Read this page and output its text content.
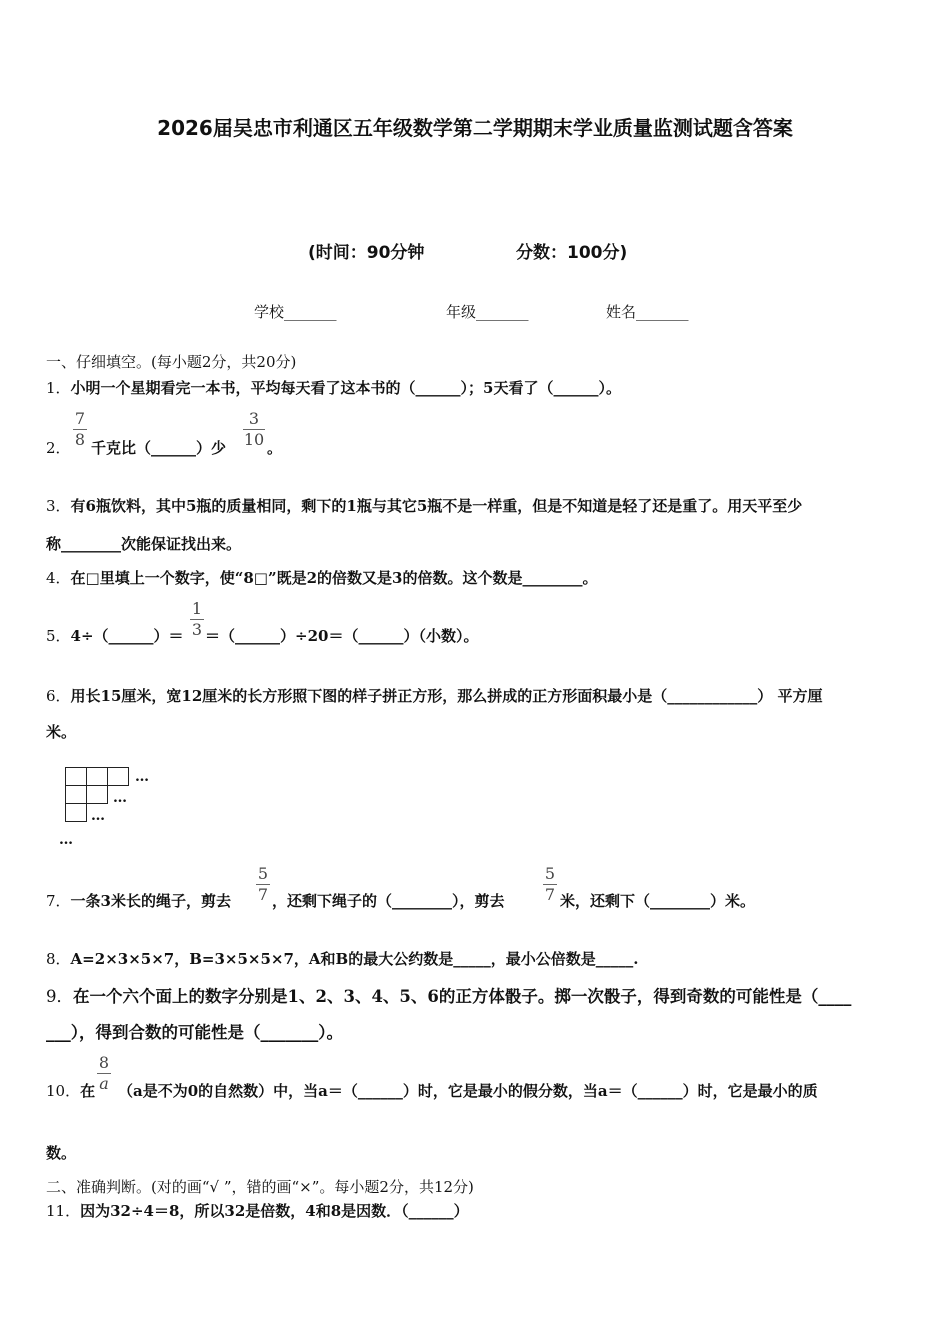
2026届吴忠市利通区五年级数学第二学期期末学业质量监测试题含答案
(时间：90分钟	分数：100分)
学校_______	年级_______	姓名_______
一、仔细填空。(每小题2分，共20分)
1．小明一个星期看完一本书，平均每天看了这本书的（______）；5天看了（______）。
2．
7
8 千克比（______）少
3
10 。
3．有6瓶饮料，其中5瓶的质量相同，剩下的1瓶与其它5瓶不是一样重，但是不知道是轻了还是重了。用天平至少
称________次能保证找出来。
4．在□里填上一个数字，使“8□”既是2的倍数又是3的倍数。这个数是________。
5．4÷（______）＝
1
3 ＝（______）÷20＝（______）（小数）。
6．用长15厘米，宽12厘米的长方形照下图的样子拼正方形，那么拼成的正方形面积最小是（____________） 平方厘
米。
…
…
…
…
7．一条3米长的绳子，剪去
5
7 ，还剩下绳子的（________），剪去
5
7 米，还剩下（________）米。
8．A=2×3×5×7，B=3×5×5×7，A和B的最大公约数是_____，最小公倍数是_____.
9．在一个六个面上的数字分别是1、2、3、4、5、6的正方体骰子。掷一次骰子，得到奇数的可能性是（____
___），得到合数的可能性是（_______）。
10．在
8
a （a是不为0的自然数）中，当a＝（______）时，它是最小的假分数，当a＝（______）时，它是最小的质
数。
二、准确判断。(对的画“√ ”，错的画“×”。每小题2分，共12分)
11．因为32÷4＝8，所以32是倍数，4和8是因数．（______）
